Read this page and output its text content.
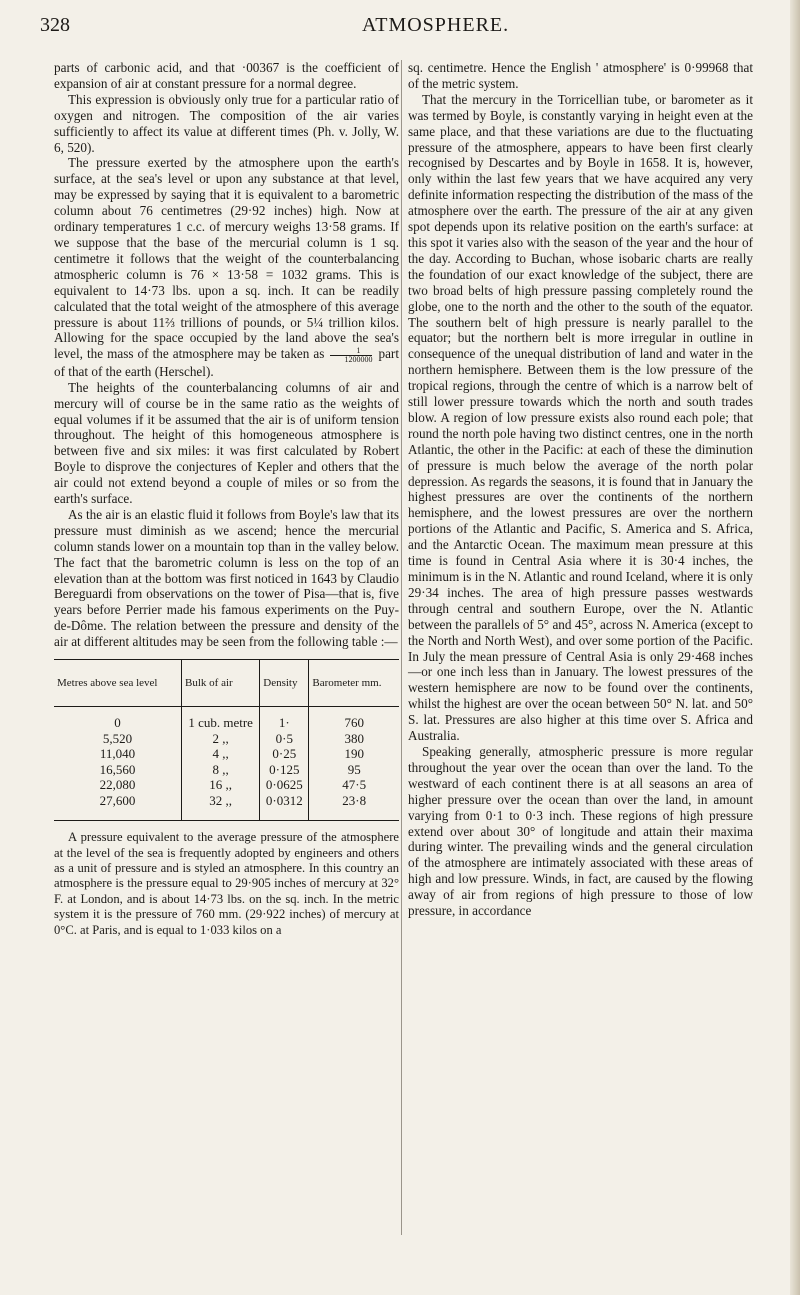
328	ATMOSPHERE.

parts of carbonic acid, and that ·00367 is the coefficient of expansion of air at constant pressure for a normal degree.

This expression is obviously only true for a particular ratio of oxygen and nitrogen. The composition of the air varies sufficiently to affect its value at different times (Ph. v. Jolly, W. 6, 520).

The pressure exerted by the atmosphere upon the earth's surface, at the sea's level or upon any substance at that level, may be expressed by saying that it is equivalent to a barometric column about 76 centimetres (29·92 inches) high. Now at ordinary temperatures 1 c.c. of mercury weighs 13·58 grams. If we suppose that the base of the mercurial column is 1 sq. centimetre it follows that the weight of the counterbalancing atmospheric column is 76 × 13·58 = 1032 grams. This is equivalent to 14·73 lbs. upon a sq. inch. It can be readily calculated that the total weight of the atmosphere of this average pressure is about 11⅔ trillions of pounds, or 5¼ trillion kilos. Allowing for the space occupied by the land above the sea's level, the mass of the atmosphere may be taken as $\frac{1}{1200000}$ part of that of the earth (Herschel).

The heights of the counterbalancing columns of air and mercury will of course be in the same ratio as the weights of equal volumes if it be assumed that the air is of uniform tension throughout. The height of this homogeneous atmosphere is between five and six miles: it was first calculated by Robert Boyle to disprove the conjectures of Kepler and others that the air could not extend beyond a couple of miles or so from the earth's surface.

As the air is an elastic fluid it follows from Boyle's law that its pressure must diminish as we ascend; hence the mercurial column stands lower on a mountain top than in the valley below. The fact that the barometric column is less on the top of an elevation than at the bottom was first noticed in 1643 by Claudio Bereguardi from observations on the tower of Pisa—that is, five years before Perrier made his famous experiments on the Puy-de-Dôme. The relation between the pressure and density of the air at different altitudes may be seen from the following table :—

Metres above sea level	Bulk of air	Density	Barometer mm.
0	1 cub. metre	1·	760
5,520	2 ,,	0·5	380
11,040	4 ,,	0·25	190
16,560	8 ,,	0·125	95
22,080	16 ,,	0·0625	47·5
27,600	32 ,,	0·0312	23·8

A pressure equivalent to the average pressure of the atmosphere at the level of the sea is frequently adopted by engineers and others as a unit of pressure and is styled an atmosphere. In this country an atmosphere is the pressure equal to 29·905 inches of mercury at 32° F. at London, and is about 14·73 lbs. on the sq. inch. In the metric system it is the pressure of 760 mm. (29·922 inches) of mercury at 0°C. at Paris, and is equal to 1·033 kilos on a

sq. centimetre. Hence the English ' atmosphere' is 0·99968 that of the metric system.

That the mercury in the Torricellian tube, or barometer as it was termed by Boyle, is constantly varying in height even at the same place, and that these variations are due to the fluctuating pressure of the atmosphere, appears to have been first clearly recognised by Descartes and by Boyle in 1658. It is, however, only within the last few years that we have acquired any very definite information respecting the distribution of the mass of the atmosphere over the earth. The pressure of the air at any given spot depends upon its relative position on the earth's surface: at this spot it varies also with the season of the year and the hour of the day. According to Buchan, whose isobaric charts are really the foundation of our exact knowledge of the subject, there are two broad belts of high pressure passing completely round the globe, one to the north and the other to the south of the equator. The southern belt of high pressure is nearly parallel to the equator; but the northern belt is more irregular in outline in consequence of the unequal distribution of land and water in the northern hemisphere. Between them is the low pressure of the tropical regions, through the centre of which is a narrow belt of still lower pressure towards which the north and south trades blow. A region of low pressure exists also round each pole; that round the north pole having two distinct centres, one in the north Atlantic, the other in the Pacific: at each of these the diminution of pressure is much below the average of the north polar depression. As regards the seasons, it is found that in January the highest pressures are over the continents of the northern hemisphere, and the lowest pressures are over the northern portions of the Atlantic and Pacific, S. America and S. Africa, and the Antarctic Ocean. The maximum mean pressure at this time is found in Central Asia where it is 30·4 inches, the minimum is in the N. Atlantic and round Iceland, where it is only 29·34 inches. The area of high pressure passes westwards through central and southern Europe, over the N. Atlantic between the parallels of 5° and 45°, across N. America (except to the North and North West), and over some portion of the Pacific. In July the mean pressure of Central Asia is only 29·468 inches—or one inch less than in January. The lowest pressures of the western hemisphere are now to be found over the continents, whilst the highest are over the ocean between 50° N. lat. and 50° S. lat. Pressures are also higher at this time over S. Africa and Australia.

Speaking generally, atmospheric pressure is more regular throughout the year over the ocean than over the land. To the westward of each continent there is at all seasons an area of higher pressure over the ocean than over the land, in amount varying from 0·1 to 0·3 inch. These regions of high pressure extend over about 30° of longitude and attain their maxima during winter. The prevailing winds and the general circulation of the atmosphere are intimately associated with these areas of high and low pressure. Winds, in fact, are caused by the flowing away of air from regions of high pressure to those of low pressure, in accordance
